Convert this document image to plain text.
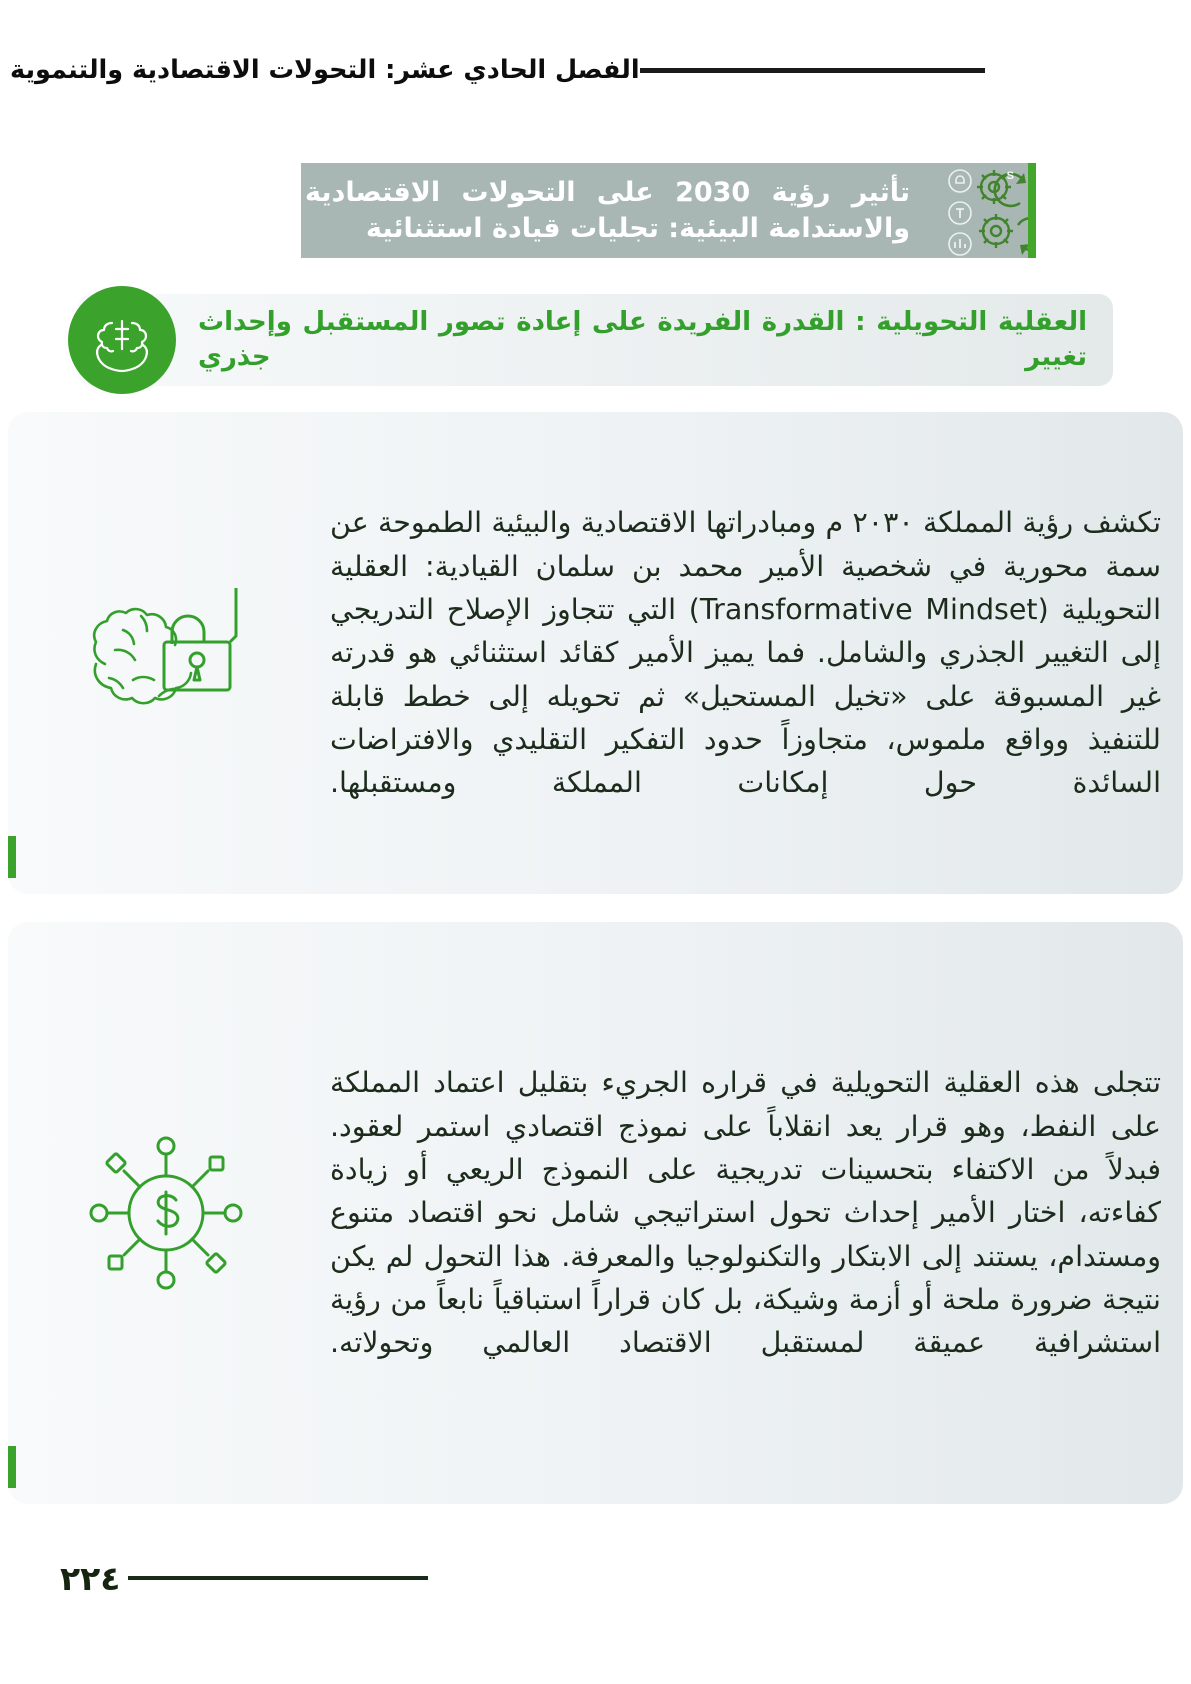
الفصل الحادي عشر: التحولات الاقتصادية والتنموية
S
تأثير رؤية 2030 على التحولات الاقتصادية
والاستدامة البيئية: تجليات قيادة استثنائية
العقلية التحويلية : القدرة الفريدة على إعادة تصور المستقبل وإحداث تغيير جذري
تكشف رؤية المملكة ٢٠٣٠ م ومبادراتها الاقتصادية والبيئية الطموحة عن سمة محورية في شخصية الأمير محمد بن سلمان القيادية: العقلية التحويلية (Transformative Mindset) التي تتجاوز الإصلاح التدريجي إلى التغيير الجذري والشامل. فما يميز الأمير كقائد استثنائي هو قدرته غير المسبوقة على «تخيل المستحيل» ثم تحويله إلى خطط قابلة للتنفيذ وواقع ملموس، متجاوزاً حدود التفكير التقليدي والافتراضات السائدة حول إمكانات المملكة ومستقبلها.
تتجلى هذه العقلية التحويلية في قراره الجريء بتقليل اعتماد المملكة على النفط، وهو قرار يعد انقلاباً على نموذج اقتصادي استمر لعقود. فبدلاً من الاكتفاء بتحسينات تدريجية على النموذج الريعي أو زيادة كفاءته، اختار الأمير إحداث تحول استراتيجي شامل نحو اقتصاد متنوع ومستدام، يستند إلى الابتكار والتكنولوجيا والمعرفة. هذا التحول لم يكن نتيجة ضرورة ملحة أو أزمة وشيكة، بل كان قراراً استباقياً نابعاً من رؤية استشرافية عميقة لمستقبل الاقتصاد العالمي وتحولاته.
٢٢٤
